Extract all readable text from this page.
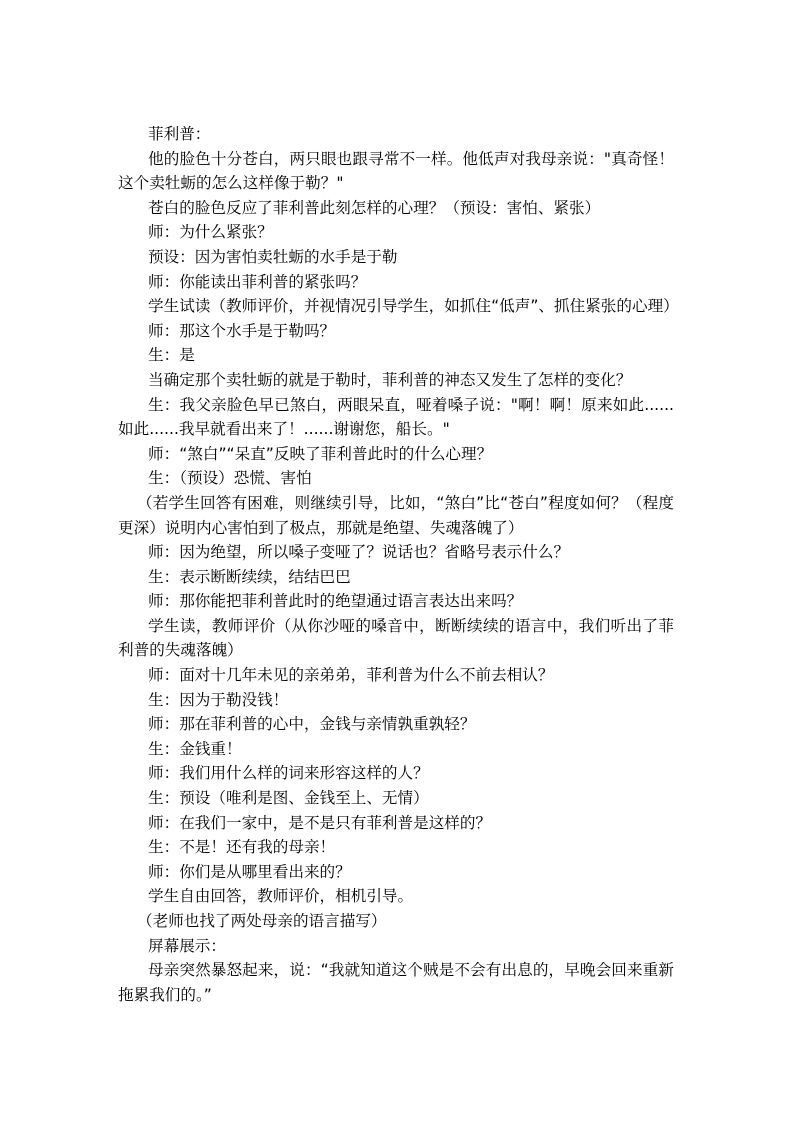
菲利普：

他的脸色十分苍白，两只眼也跟寻常不一样。他低声对我母亲说："真奇怪！这个卖牡蛎的怎么这样像于勒？"

苍白的脸色反应了菲利普此刻怎样的心理？（预设：害怕、紧张）

师：为什么紧张？

预设：因为害怕卖牡蛎的水手是于勒

师：你能读出菲利普的紧张吗？

学生试读（教师评价，并视情况引导学生，如抓住“低声”、抓住紧张的心理）

师：那这个水手是于勒吗？

生：是

当确定那个卖牡蛎的就是于勒时，菲利普的神态又发生了怎样的变化？

生：我父亲脸色早已煞白，两眼呆直，哑着嗓子说："啊！啊！原来如此......如此......我早就看出来了！......谢谢您，船长。"

师：“煞白”“呆直”反映了菲利普此时的什么心理？

生：（预设）恐慌、害怕

（若学生回答有困难，则继续引导，比如，“煞白”比“苍白”程度如何？（程度更深）说明内心害怕到了极点，那就是绝望、失魂落魄了）

师：因为绝望，所以嗓子变哑了？说话也？省略号表示什么？

生：表示断断续续，结结巴巴

师：那你能把菲利普此时的绝望通过语言表达出来吗？

学生读，教师评价（从你沙哑的嗓音中，断断续续的语言中，我们听出了菲利普的失魂落魄）

师：面对十几年未见的亲弟弟，菲利普为什么不前去相认？

生：因为于勒没钱！

师：那在菲利普的心中，金钱与亲情孰重孰轻？

生：金钱重！

师：我们用什么样的词来形容这样的人？

生：预设（唯利是图、金钱至上、无情）

师：在我们一家中，是不是只有菲利普是这样的？

生：不是！还有我的母亲！

师：你们是从哪里看出来的？

学生自由回答，教师评价，相机引导。

（老师也找了两处母亲的语言描写）

屏幕展示：

母亲突然暴怒起来，说：“我就知道这个贼是不会有出息的，早晚会回来重新拖累我们的。”
